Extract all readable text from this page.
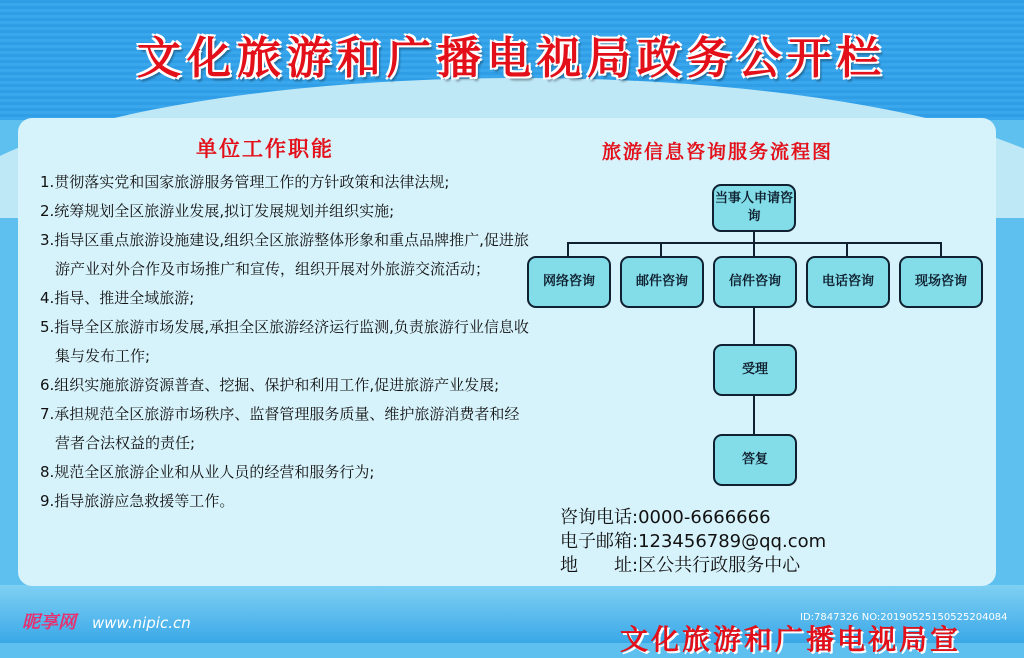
文化旅游和广播电视局政务公开栏
单位工作职能
1.贯彻落实党和国家旅游服务管理工作的方针政策和法律法规;
2.统筹规划全区旅游业发展,拟订发展规划并组织实施;
3.指导区重点旅游设施建设,组织全区旅游整体形象和重点品牌推广,促进旅游产业对外合作及市场推广和宣传，组织开展对外旅游交流活动；
4.指导、推进全域旅游;
5.指导全区旅游市场发展,承担全区旅游经济运行监测,负责旅游行业信息收集与发布工作;
6.组织实施旅游资源普查、挖掘、保护和利用工作,促进旅游产业发展;
7.承担规范全区旅游市场秩序、监督管理服务质量、维护旅游消费者和经营者合法权益的责任;
8.规范全区旅游企业和从业人员的经营和服务行为;
9.指导旅游应急救援等工作。
旅游信息咨询服务流程图
当事人申请咨询
网络咨询	邮件咨询	信件咨询	电话咨询	现场咨询
受理
答复
咨询电话:0000-6666666
电子邮箱:123456789@qq.com
地　　址:区公共行政服务中心
文化旅游和广播电视局宣
昵享网 www.nipic.cn	ID:7847326 NO:20190525150525204084
